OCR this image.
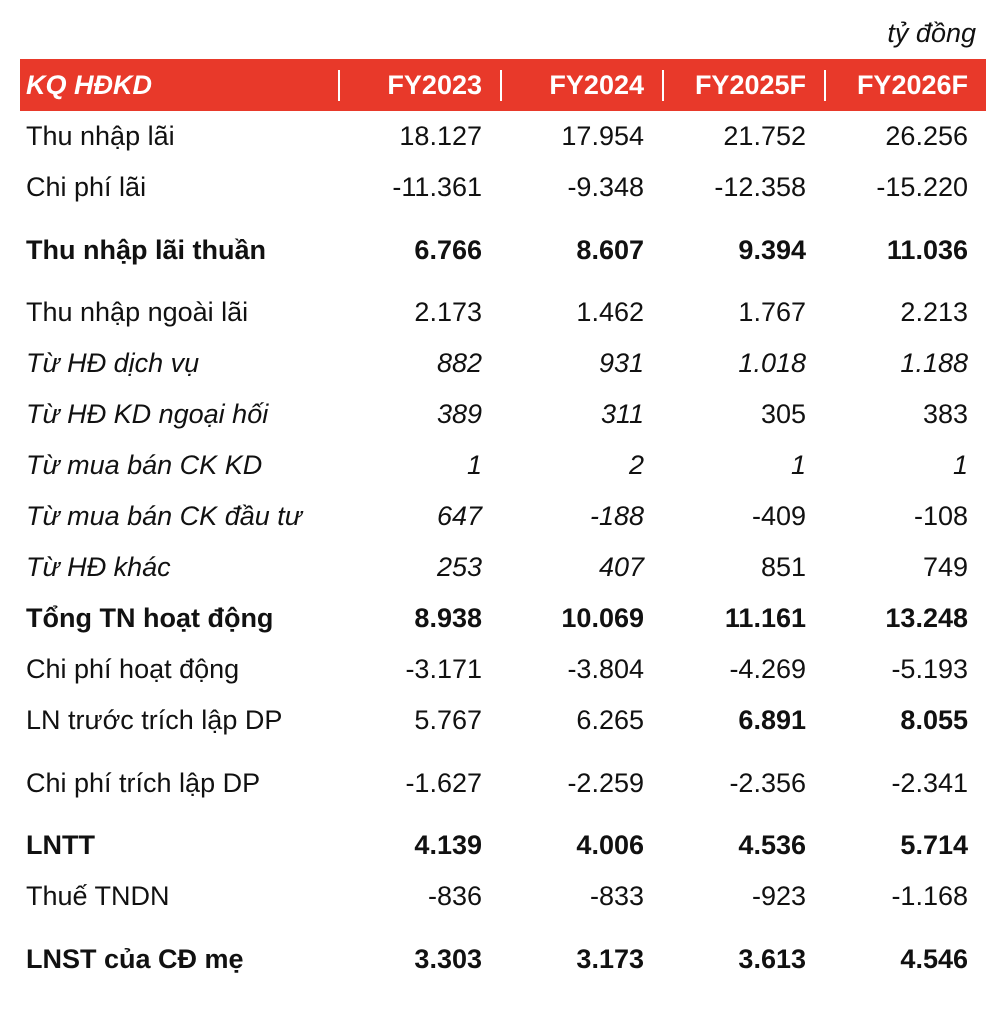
tỷ đồng
KQ HĐKD	FY2023	FY2024	FY2025F	FY2026F
Thu nhập lãi	18.127	17.954	21.752	26.256
Chi phí lãi	-11.361	-9.348	-12.358	-15.220
Thu nhập lãi thuần	6.766	8.607	9.394	11.036
Thu nhập ngoài lãi	2.173	1.462	1.767	2.213
Từ HĐ dịch vụ	882	931	1.018	1.188
Từ HĐ KD ngoại hối	389	311	305	383
Từ mua bán CK KD	1	2	1	1
Từ mua bán CK đầu tư	647	-188	-409	-108
Từ HĐ khác	253	407	851	749
Tổng TN hoạt động	8.938	10.069	11.161	13.248
Chi phí hoạt động	-3.171	-3.804	-4.269	-5.193
LN trước trích lập DP	5.767	6.265	6.891	8.055
Chi phí trích lập DP	-1.627	-2.259	-2.356	-2.341
LNTT	4.139	4.006	4.536	5.714
Thuế TNDN	-836	-833	-923	-1.168
LNST của CĐ mẹ	3.303	3.173	3.613	4.546
